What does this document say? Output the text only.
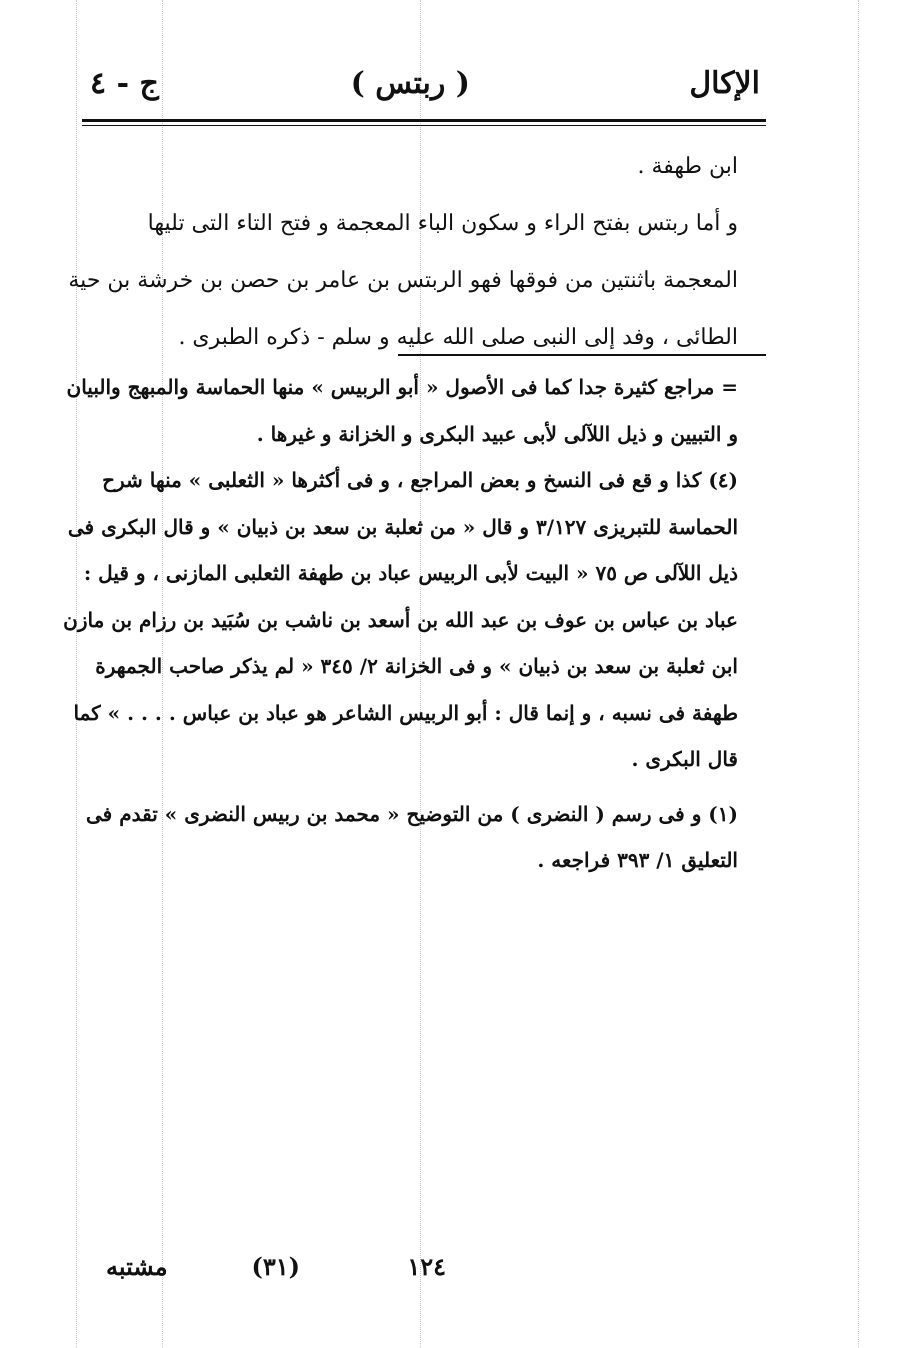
الإكال
( ربتس )
ج - ٤
ابن طهفة .
و أما ربتس بفتح الراء و سكون الباء المعجمة و فتح التاء التى تليها
المعجمة باثنتين من فوقها فهو الربتس بن عامر بن حصن بن خرشة بن حية
الطائى ، وفد إلى النبى صلى الله عليه و سلم - ذكره الطبرى .
= مراجع كثيرة جدا كما فى الأصول « أبو الربيس » منها الحماسة والمبهج والبيان
و التبيين و ذيل اللآلى لأبى عبيد البكرى و الخزانة و غيرها .
(٤) كذا و قع فى النسخ و بعض المراجع ، و فى أكثرها « الثعلبى » منها شرح
الحماسة للتبريزى ٣/١٢٧ و قال « من ثعلبة بن سعد بن ذبيان » و قال البكرى فى
ذيل اللآلى ص ٧٥ « البيت لأبى الربيس عباد بن طهفة الثعلبى المازنى ، و قيل :
عباد بن عباس بن عوف بن عبد الله بن أسعد بن ناشب بن سُبَيد بن رزام بن مازن
ابن ثعلبة بن سعد بن ذبيان » و فى الخزانة ٢/ ٣٤٥ « لم يذكر صاحب الجمهرة
طهفة فى نسبه ، و إنما قال : أبو الربيس الشاعر هو عباد بن عباس . . . . » كما
قال البكرى .
(١) و فى رسم ( النضرى ) من التوضيح « محمد بن ربيس النضرى » تقدم فى
التعليق ١/ ٣٩٣ فراجعه .
١٢٤
(٣١)
مشتبه
